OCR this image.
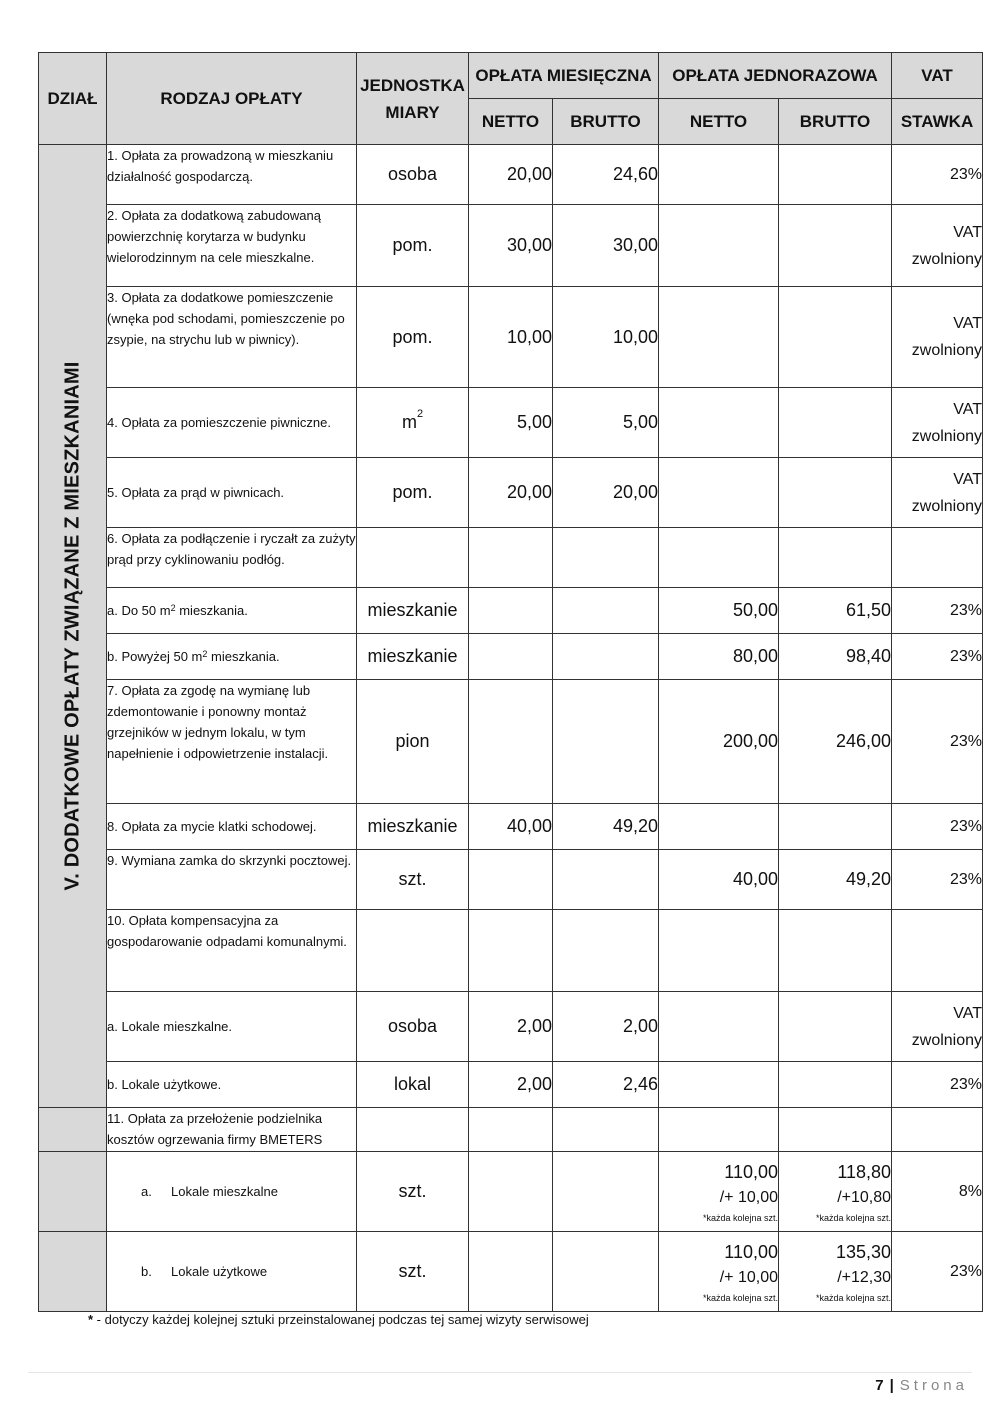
DZIAŁ	RODZAJ OPŁATY	JEDNOSTKA MIARY	OPŁATA MIESIĘCZNA		OPŁATA JEDNORAZOWA		VAT
			NETTO	BRUTTO	NETTO	BRUTTO	STAWKA

V. DODATKOWE OPŁATY ZWIĄZANE Z MIESZKANIAMI	1. Opłata za prowadzoną w mieszkaniu działalność gospodarczą.	osoba	20,00	24,60			23%
	2. Opłata za dodatkową zabudowaną powierzchnię korytarza w budynku wielorodzinnym na cele mieszkalne.	pom.	30,00	30,00			VAT zwolniony
	3. Opłata za dodatkowe pomieszczenie (wnęka pod schodami, pomieszczenie po zsypie, na strychu lub w piwnicy).	pom.	10,00	10,00			VAT zwolniony
	4. Opłata za pomieszczenie piwniczne.	$m^2$	5,00	5,00			VAT zwolniony
	5. Opłata za prąd w piwnicach.	pom.	20,00	20,00			VAT zwolniony
	6. Opłata za podłączenie i ryczałt za zużyty prąd przy cyklinowaniu podłóg.						
	a. Do 50 $m^2$ mieszkania.	mieszkanie			50,00	61,50	23%
	b. Powyżej 50 $m^2$ mieszkania.	mieszkanie			80,00	98,40	23%
	7. Opłata za zgodę na wymianę lub zdemontowanie i ponowny montaż grzejników w jednym lokalu, w tym napełnienie i odpowietrzenie instalacji.	pion			200,00	246,00	23%
	8. Opłata za mycie klatki schodowej.	mieszkanie	40,00	49,20			23%
	9. Wymiana zamka do skrzynki pocztowej.	szt.			40,00	49,20	23%
	10. Opłata kompensacyjna za gospodarowanie odpadami komunalnymi.						
	a. Lokale mieszkalne.	osoba	2,00	2,00			VAT zwolniony
	b. Lokale użytkowe.	lokal	2,00	2,46			23%
	11. Opłata za przełożenie podzielnika kosztów ogrzewania firmy BMETERS						
	a. Lokale mieszkalne	szt.			110,00
/+ 10,00
*każda kolejna szt.	118,80
/+10,80
*każda kolejna szt.	8%
	b. Lokale użytkowe	szt.			110,00
/+ 10,00
*każda kolejna szt.	135,30
/+12,30
*każda kolejna szt.	23%
* - dotyczy każdej kolejnej sztuki przeinstalowanej podczas tej samej wizyty serwisowej
7 | Strona
